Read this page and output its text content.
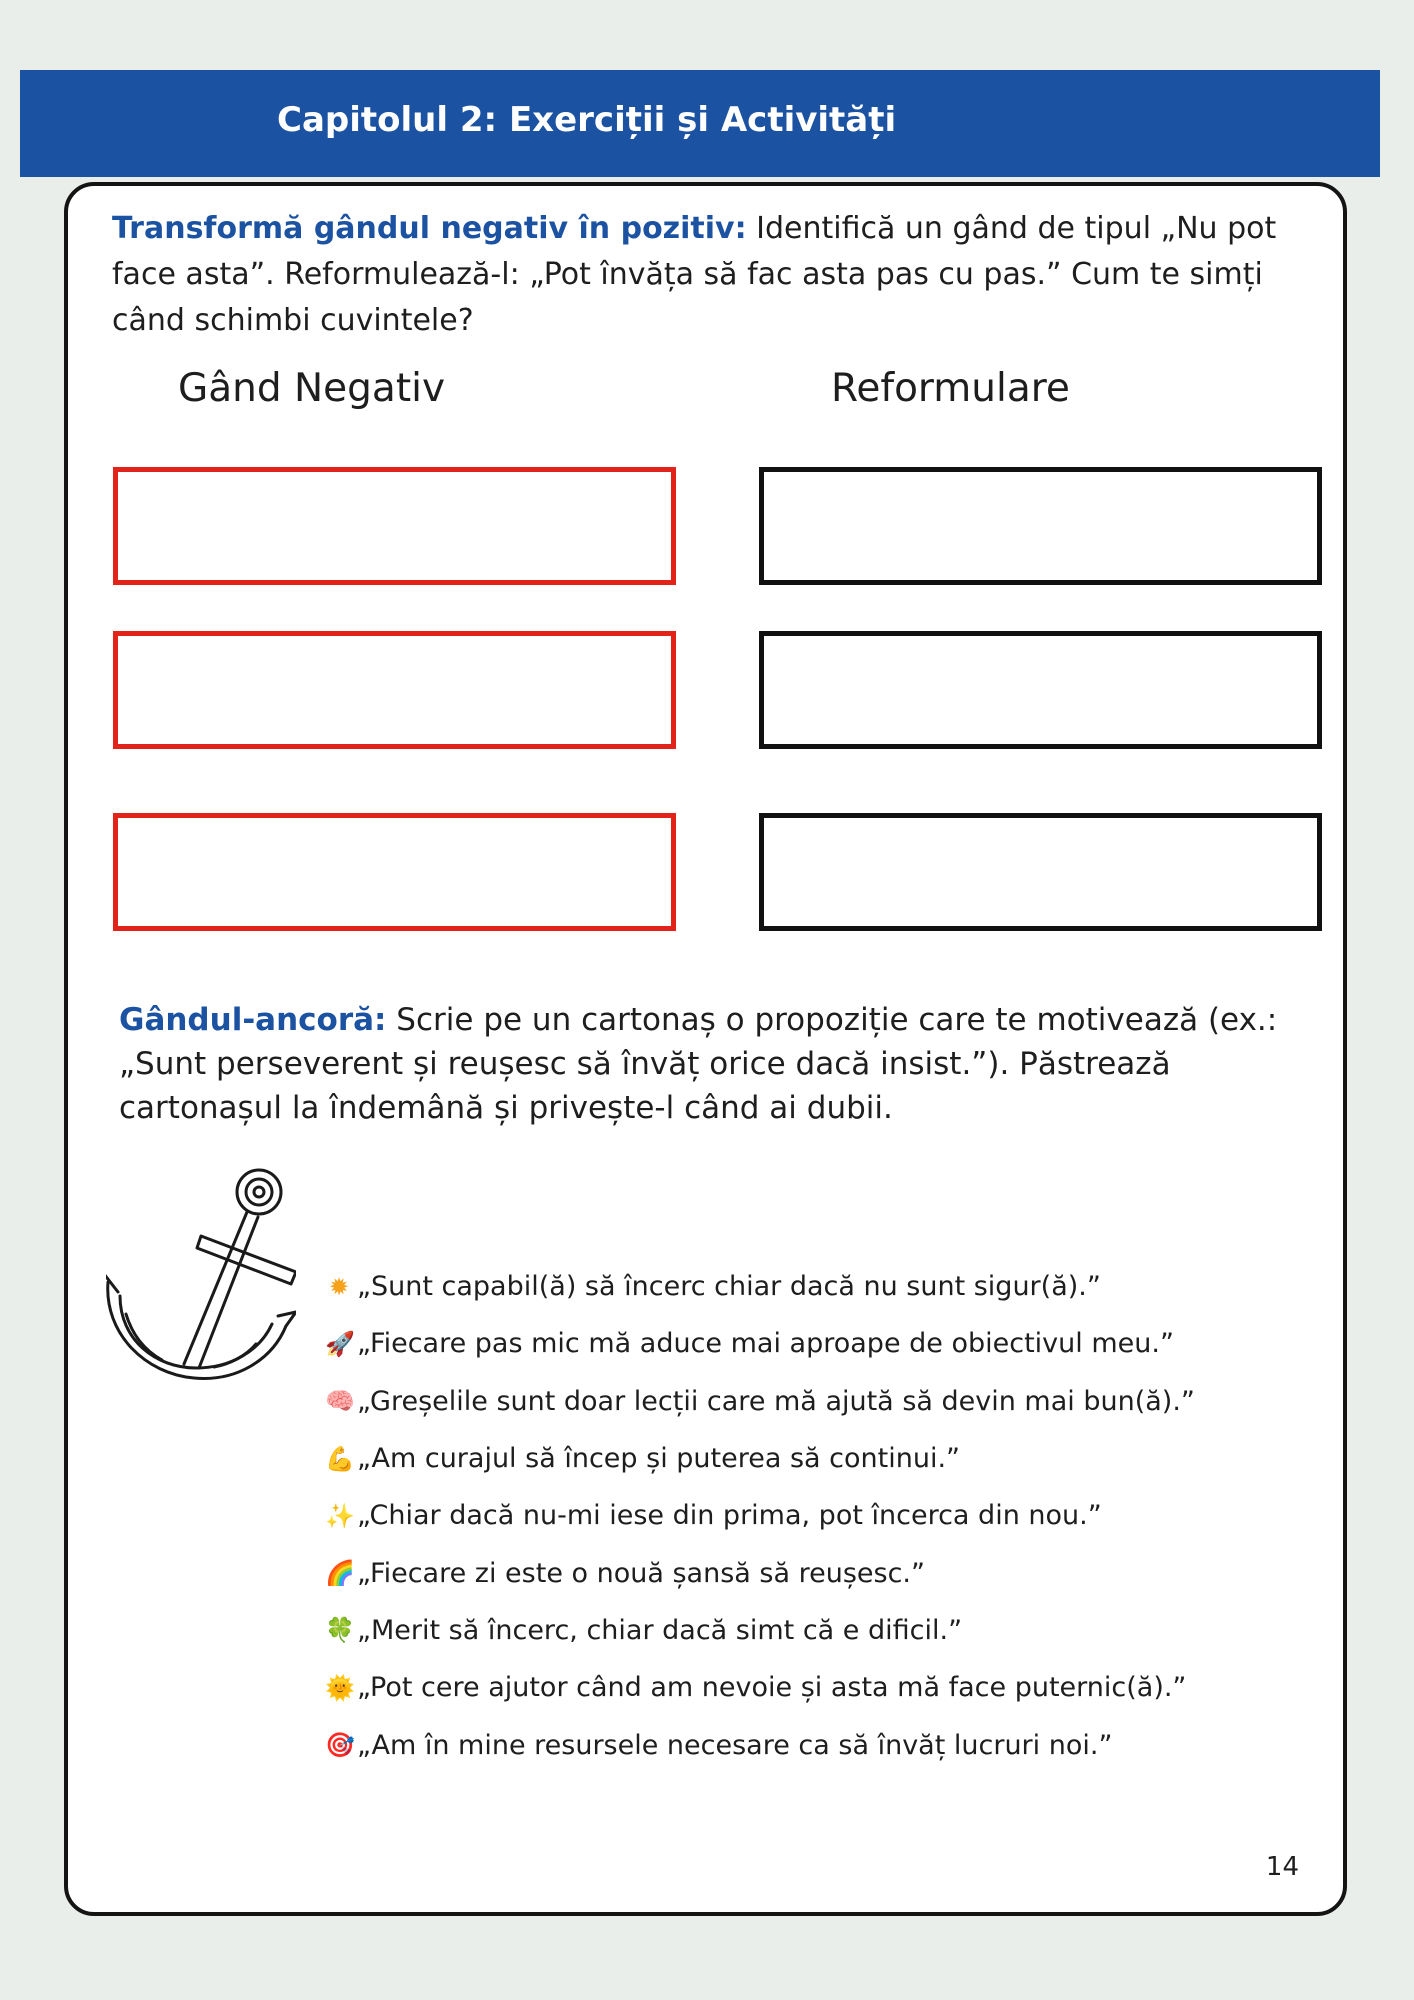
Capitolul 2: Exerciții și Activități

Transformă gândul negativ în pozitiv: Identifică un gând de tipul „Nu pot face asta”. Reformulează-l: „Pot învăța să fac asta pas cu pas.” Cum te simți când schimbi cuvintele?

Gând Negativ	Reformulare

Gândul-ancoră: Scrie pe un cartonaș o propoziție care te motivează (ex.: „Sunt perseverent și reușesc să învăț orice dacă insist.”). Păstrează cartonașul la îndemână și privește-l când ai dubii.

✹ „Sunt capabil(ă) să încerc chiar dacă nu sunt sigur(ă).”
🚀 „Fiecare pas mic mă aduce mai aproape de obiectivul meu.”
🧠 „Greșelile sunt doar lecții care mă ajută să devin mai bun(ă).”
💪 „Am curajul să încep și puterea să continui.”
✨ „Chiar dacă nu-mi iese din prima, pot încerca din nou.”
🌈 „Fiecare zi este o nouă șansă să reușesc.”
🍀 „Merit să încerc, chiar dacă simt că e dificil.”
🌞 „Pot cere ajutor când am nevoie și asta mă face puternic(ă).”
🎯 „Am în mine resursele necesare ca să învăț lucruri noi.”
14
